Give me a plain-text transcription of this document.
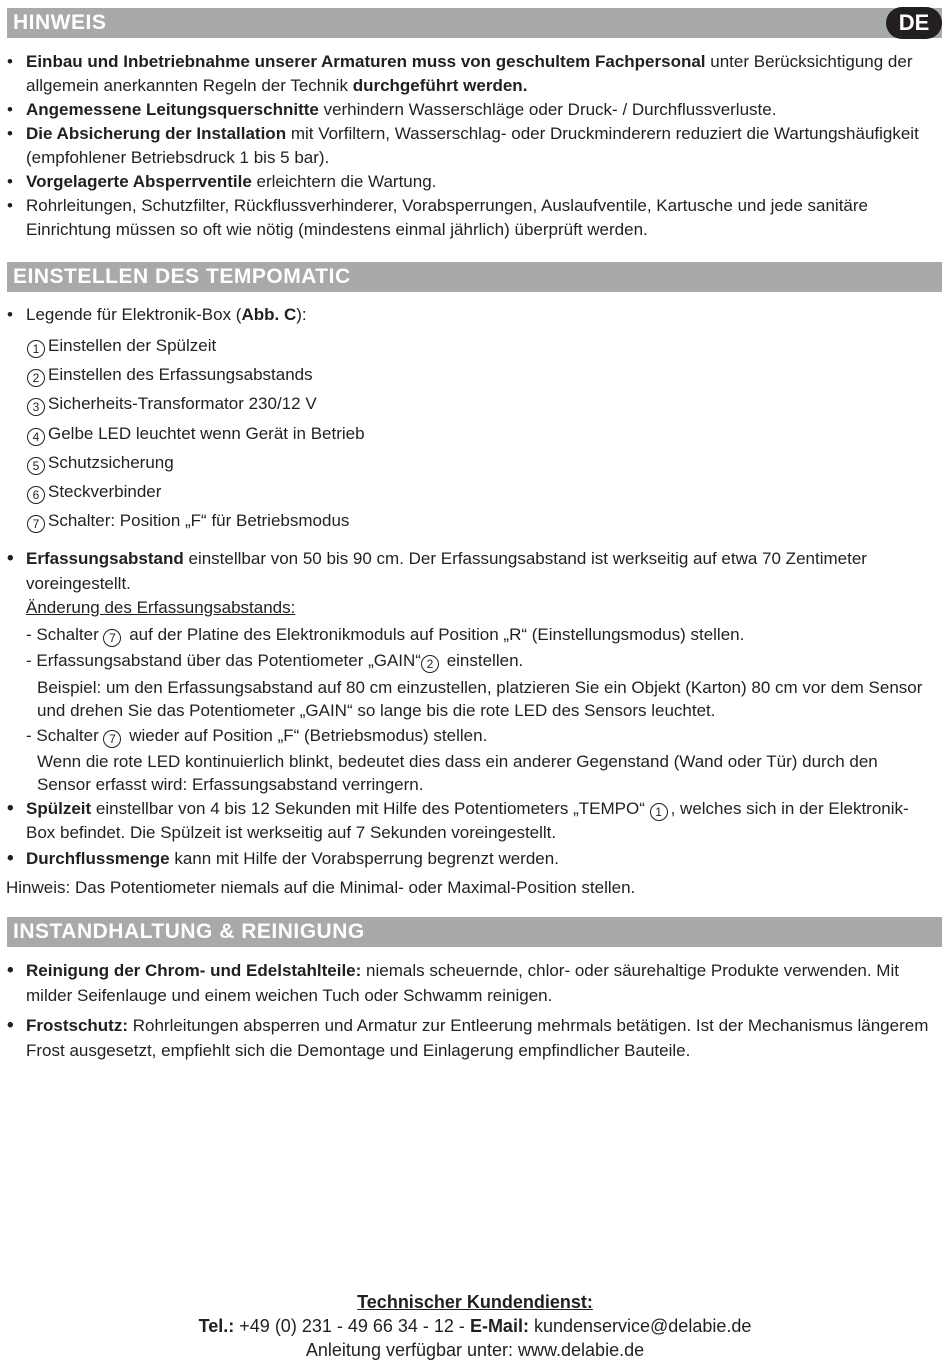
HINWEIS	DE
• Einbau und Inbetriebnahme unserer Armaturen muss von geschultem Fachpersonal unter Berücksichtigung der allgemein anerkannten Regeln der Technik durchgeführt werden.
• Angemessene Leitungsquerschnitte verhindern Wasserschläge oder Druck- / Durchflussverluste.
• Die Absicherung der Installation mit Vorfiltern, Wasserschlag- oder Druckminderern reduziert die Wartungshäufigkeit (empfohlener Betriebsdruck 1 bis 5 bar).
• Vorgelagerte Absperrventile erleichtern die Wartung.
• Rohrleitungen, Schutzfilter, Rückflussverhinderer, Vorabsperrungen, Auslaufventile, Kartusche und jede sanitäre Einrichtung müssen so oft wie nötig (mindestens einmal jährlich) überprüft werden.
EINSTELLEN DES TEMPOMATIC
• Legende für Elektronik-Box (Abb. C):
1 Einstellen der Spülzeit
2 Einstellen des Erfassungsabstands
3 Sicherheits-Transformator 230/12 V
4 Gelbe LED leuchtet wenn Gerät in Betrieb
5 Schutzsicherung
6 Steckverbinder
7 Schalter: Position „F“ für Betriebsmodus
• Erfassungsabstand einstellbar von 50 bis 90 cm. Der Erfassungsabstand ist werkseitig auf etwa 70 Zentimeter voreingestellt.
Änderung des Erfassungsabstands:
- Schalter 7 auf der Platine des Elektronikmoduls auf Position „R“ (Einstellungsmodus) stellen.
- Erfassungsabstand über das Potentiometer „GAIN“ 2 einstellen.
Beispiel: um den Erfassungsabstand auf 80 cm einzustellen, platzieren Sie ein Objekt (Karton) 80 cm vor dem Sensor und drehen Sie das Potentiometer „GAIN“ so lange bis die rote LED des Sensors leuchtet.
- Schalter 7 wieder auf Position „F“ (Betriebsmodus) stellen.
Wenn die rote LED kontinuierlich blinkt, bedeutet dies dass ein anderer Gegenstand (Wand oder Tür) durch den Sensor erfasst wird: Erfassungsabstand verringern.
• Spülzeit einstellbar von 4 bis 12 Sekunden mit Hilfe des Potentiometers „TEMPO“ 1 , welches sich in der Elektronik-Box befindet. Die Spülzeit ist werkseitig auf 7 Sekunden voreingestellt.
• Durchflussmenge kann mit Hilfe der Vorabsperrung begrenzt werden.
Hinweis: Das Potentiometer niemals auf die Minimal- oder Maximal-Position stellen.
INSTANDHALTUNG & REINIGUNG
• Reinigung der Chrom- und Edelstahlteile: niemals scheuernde, chlor- oder säurehaltige Produkte verwenden. Mit milder Seifenlauge und einem weichen Tuch oder Schwamm reinigen.
• Frostschutz: Rohrleitungen absperren und Armatur zur Entleerung mehrmals betätigen. Ist der Mechanismus längerem Frost ausgesetzt, empfiehlt sich die Demontage und Einlagerung empfindlicher Bauteile.
Technischer Kundendienst:
Tel.: +49 (0) 231 - 49 66 34 - 12 - E-Mail: kundenservice@delabie.de
Anleitung verfügbar unter: www.delabie.de
